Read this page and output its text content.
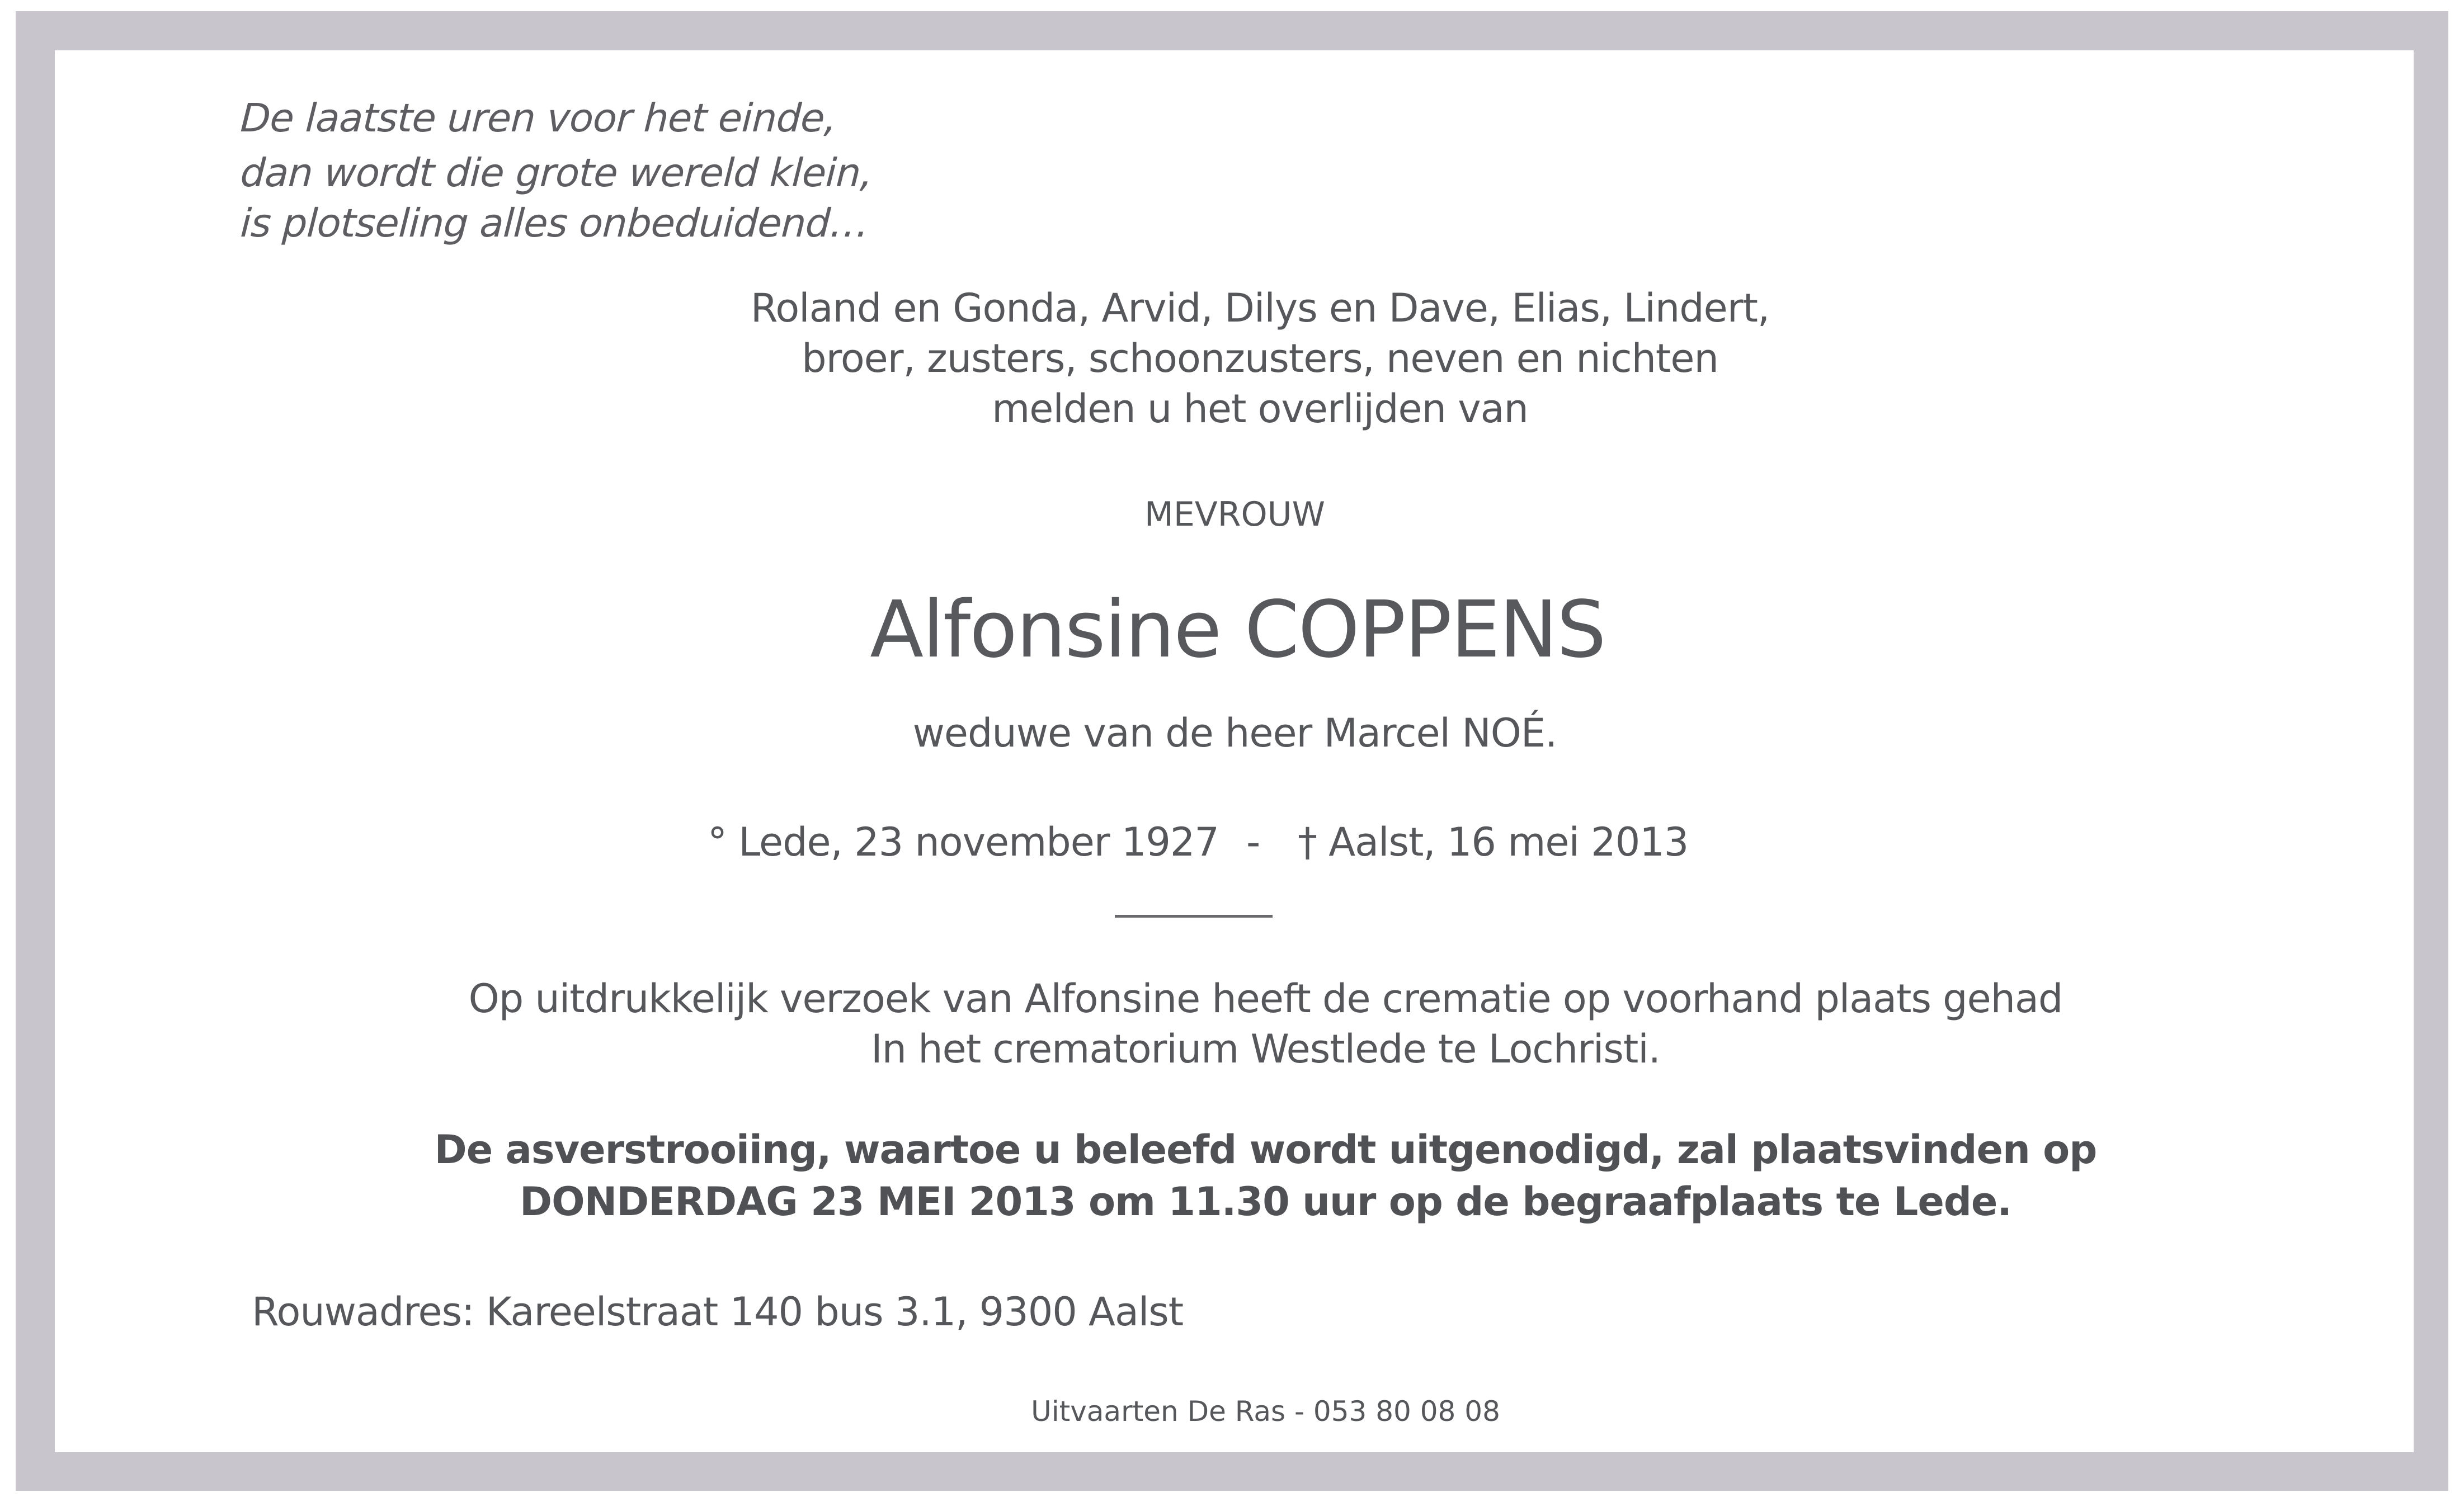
De laatste uren voor het einde,
dan wordt die grote wereld klein,
is plotseling alles onbeduidend…
Roland en Gonda, Arvid, Dilys en Dave, Elias, Lindert,
broer, zusters, schoonzusters, neven en nichten
melden u het overlijden van
MEVROUW
Alfonsine COPPENS
weduwe van de heer Marcel NOÉ.
° Lede, 23 november 1927 - † Aalst, 16 mei 2013
Op uitdrukkelijk verzoek van Alfonsine heeft de crematie op voorhand plaats gehad
In het crematorium Westlede te Lochristi.
De asverstrooiing, waartoe u beleefd wordt uitgenodigd, zal plaatsvinden op
DONDERDAG 23 MEI 2013 om 11.30 uur op de begraafplaats te Lede.
Rouwadres: Kareelstraat 140 bus 3.1, 9300 Aalst
Uitvaarten De Ras - 053 80 08 08
